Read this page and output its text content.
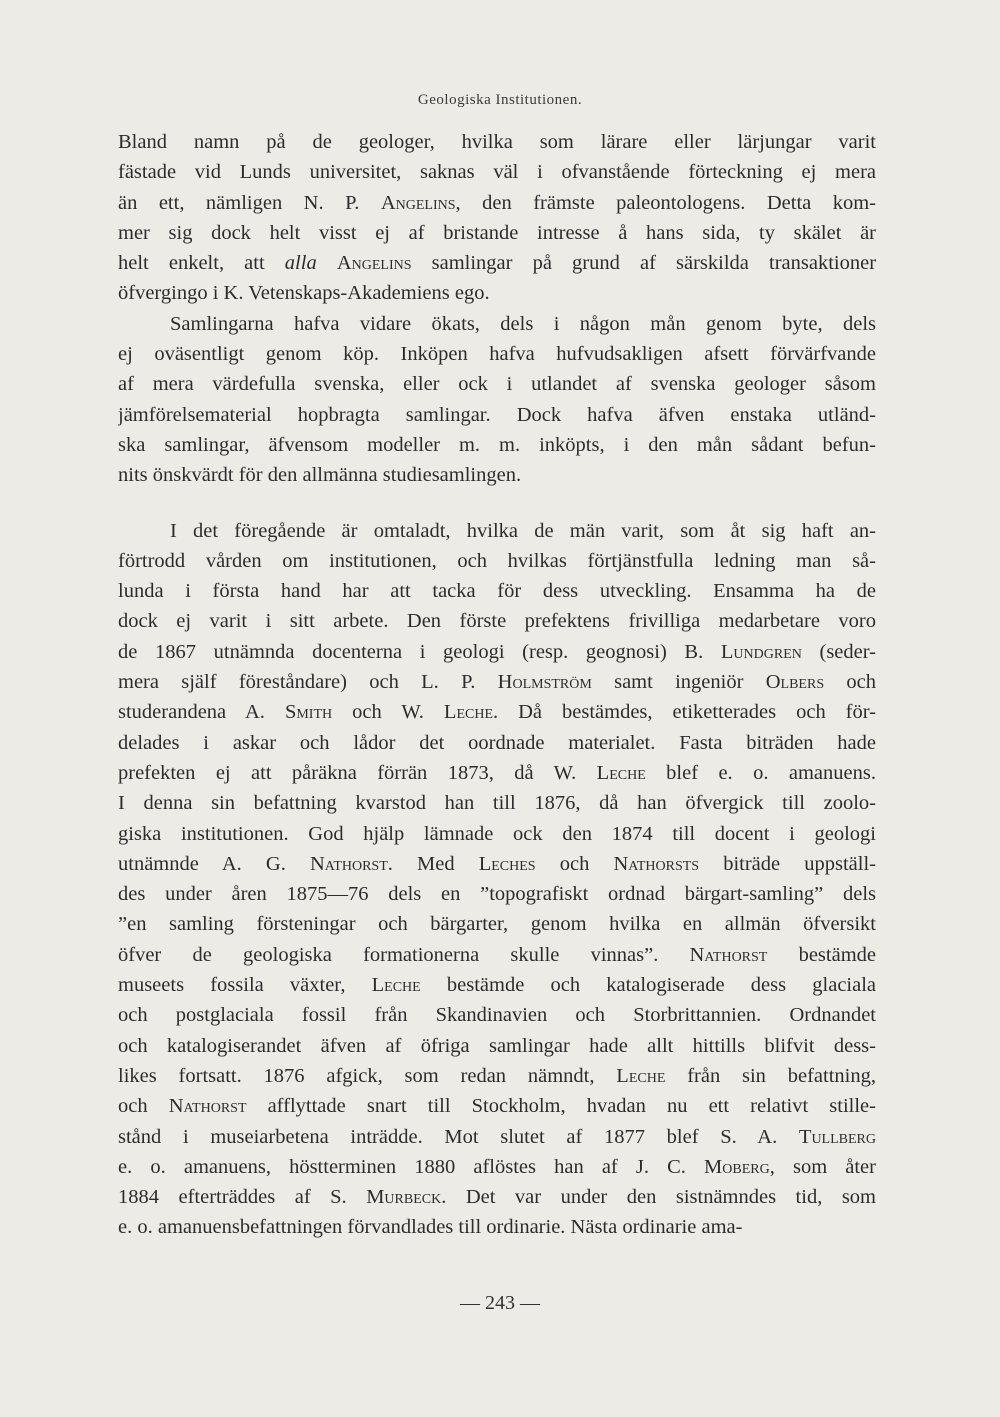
Geologiska Institutionen.
Bland namn på de geologer, hvilka som lärare eller lärjungar varit
fästade vid Lunds universitet, saknas väl i ofvanstående förteckning ej mera
än ett, nämligen N. P. Angelins, den främste paleontologens. Detta kom-
mer sig dock helt visst ej af bristande intresse å hans sida, ty skälet är
helt enkelt, att alla Angelins samlingar på grund af särskilda transaktioner
öfvergingo i K. Vetenskaps-Akademiens ego.
Samlingarna hafva vidare ökats, dels i någon mån genom byte, dels
ej oväsentligt genom köp. Inköpen hafva hufvudsakligen afsett förvärfvande
af mera värdefulla svenska, eller ock i utlandet af svenska geologer såsom
jämförelsematerial hopbragta samlingar. Dock hafva äfven enstaka utländ-
ska samlingar, äfvensom modeller m. m. inköpts, i den mån sådant befun-
nits önskvärdt för den allmänna studiesamlingen.
I det föregående är omtaladt, hvilka de män varit, som åt sig haft an-
förtrodd vården om institutionen, och hvilkas förtjänstfulla ledning man så-
lunda i första hand har att tacka för dess utveckling. Ensamma ha de
dock ej varit i sitt arbete. Den förste prefektens frivilliga medarbetare voro
de 1867 utnämnda docenterna i geologi (resp. geognosi) B. Lundgren (seder-
mera själf föreståndare) och L. P. Holmström samt ingeniör Olbers och
studerandena A. Smith och W. Leche. Då bestämdes, etiketterades och för-
delades i askar och lådor det oordnade materialet. Fasta biträden hade
prefekten ej att påräkna förrän 1873, då W. Leche blef e. o. amanuens.
I denna sin befattning kvarstod han till 1876, då han öfvergick till zoolo-
giska institutionen. God hjälp lämnade ock den 1874 till docent i geologi
utnämnde A. G. Nathorst. Med Leches och Nathorsts biträde uppställ-
des under åren 1875—76 dels en ”topografiskt ordnad bärgart-samling” dels
”en samling försteningar och bärgarter, genom hvilka en allmän öfversikt
öfver de geologiska formationerna skulle vinnas”. Nathorst bestämde
museets fossila växter, Leche bestämde och katalogiserade dess glaciala
och postglaciala fossil från Skandinavien och Storbrittannien. Ordnandet
och katalogiserandet äfven af öfriga samlingar hade allt hittills blifvit dess-
likes fortsatt. 1876 afgick, som redan nämndt, Leche från sin befattning,
och Nathorst afflyttade snart till Stockholm, hvadan nu ett relativt stille-
stånd i museiarbetena inträdde. Mot slutet af 1877 blef S. A. Tullberg
e. o. amanuens, höstterminen 1880 aflöstes han af J. C. Moberg, som åter
1884 efterträddes af S. Murbeck. Det var under den sistnämndes tid, som
e. o. amanuensbefattningen förvandlades till ordinarie. Nästa ordinarie ama-
— 243 —
